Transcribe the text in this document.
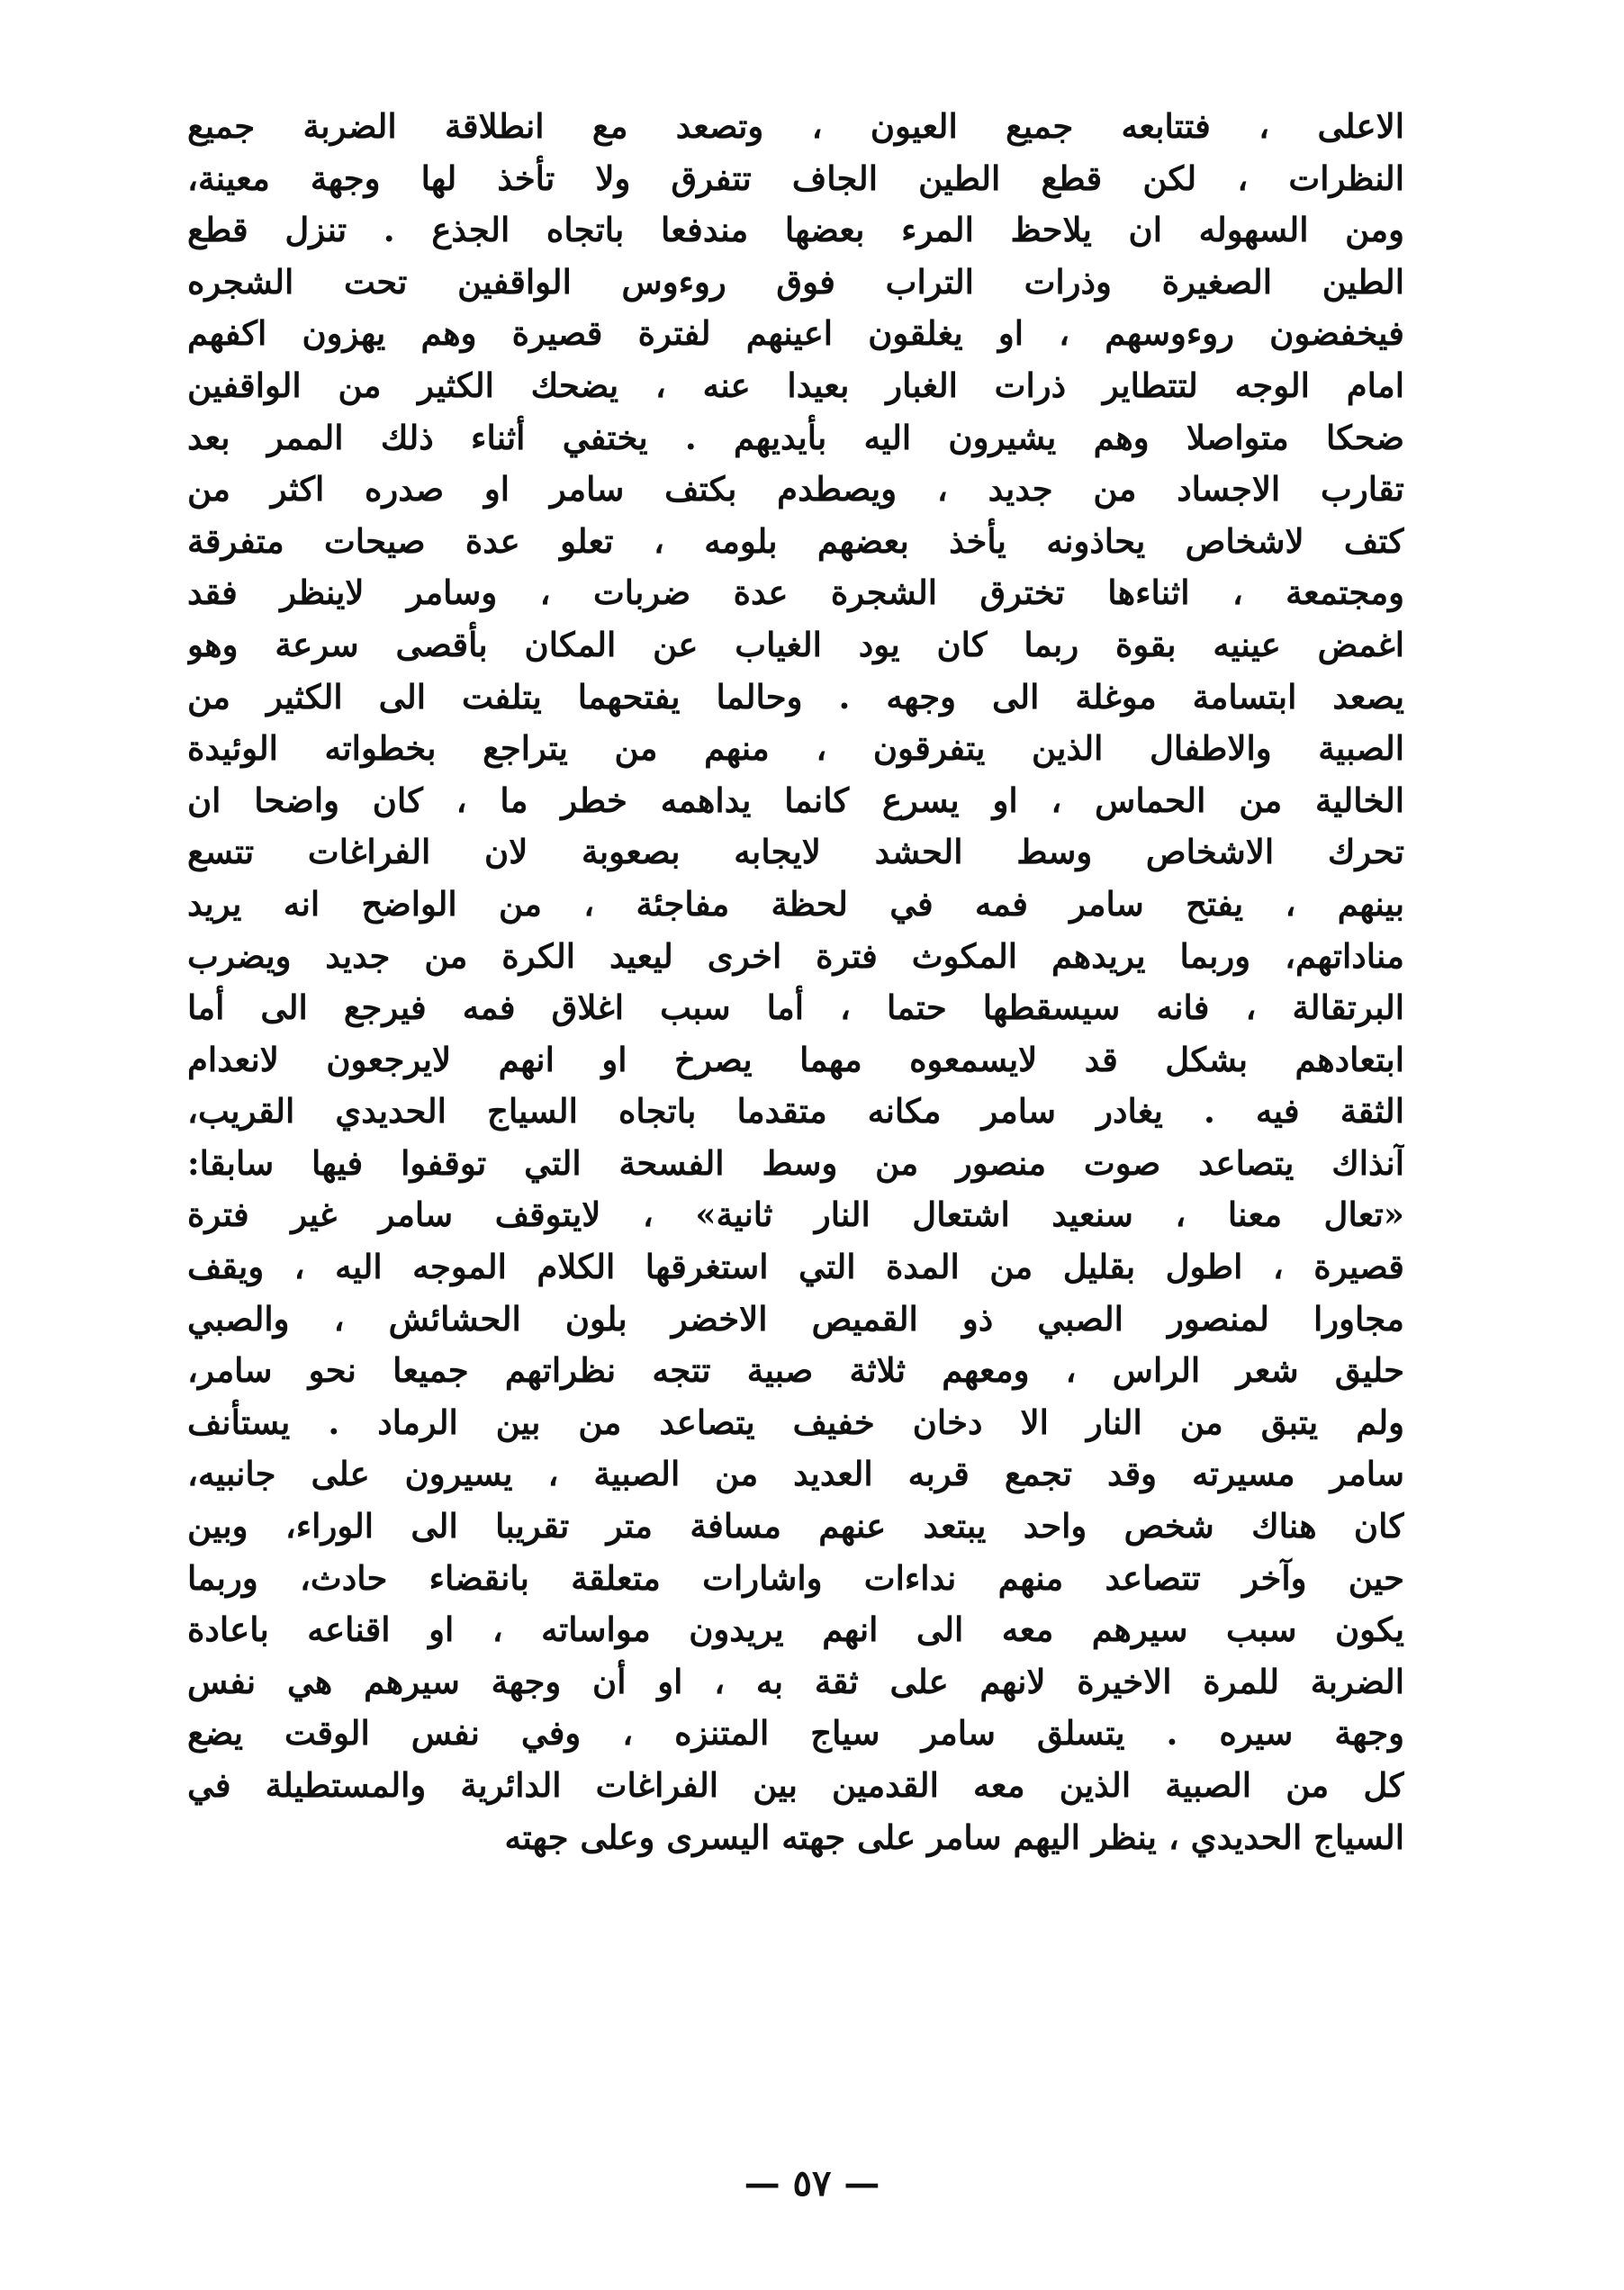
الاعلى ، فتتابعه جميع العيون ، وتصعد مع انطلاقة الضربة جميع
النظرات ، لكن قطع الطين الجاف تتفرق ولا تأخذ لها وجهة معينة،
ومن السهوله ان يلاحظ المرء بعضها مندفعا باتجاه الجذع . تنزل قطع
الطين الصغيرة وذرات التراب فوق روءوس الواقفين تحت الشجره
فيخفضون روءوسهم ، او يغلقون اعينهم لفترة قصيرة وهم يهزون اكفهم
امام الوجه لتتطاير ذرات الغبار بعيدا عنه ، يضحك الكثير من الواقفين
ضحكا متواصلا وهم يشيرون اليه بأيديهم . يختفي أثناء ذلك الممر بعد
تقارب الاجساد من جديد ، ويصطدم بكتف سامر او صدره اكثر من
كتف لاشخاص يحاذونه يأخذ بعضهم بلومه ، تعلو عدة صيحات متفرقة
ومجتمعة ، اثناءها تخترق الشجرة عدة ضربات ، وسامر لاينظر فقد
اغمض عينيه بقوة ربما كان يود الغياب عن المكان بأقصى سرعة وهو
يصعد ابتسامة موغلة الى وجهه . وحالما يفتحهما يتلفت الى الكثير من
الصبية والاطفال الذين يتفرقون ، منهم من يتراجع بخطواته الوئيدة
الخالية من الحماس ، او يسرع كانما يداهمه خطر ما ، كان واضحا ان
تحرك الاشخاص وسط الحشد لايجابه بصعوبة لان الفراغات تتسع
بينهم ، يفتح سامر فمه في لحظة مفاجئة ، من الواضح انه يريد
مناداتهم، وربما يريدهم المكوث فترة اخرى ليعيد الكرة من جديد ويضرب
البرتقالة ، فانه سيسقطها حتما ، أما سبب اغلاق فمه فيرجع الى أما
ابتعادهم بشكل قد لايسمعوه مهما يصرخ او انهم لايرجعون لانعدام
الثقة فيه . يغادر سامر مكانه متقدما باتجاه السياج الحديدي القريب،
آنذاك يتصاعد صوت منصور من وسط الفسحة التي توقفوا فيها سابقا:
«تعال معنا ، سنعيد اشتعال النار ثانية» ، لايتوقف سامر غير فترة
قصيرة ، اطول بقليل من المدة التي استغرقها الكلام الموجه اليه ، ويقف
مجاورا لمنصور الصبي ذو القميص الاخضر بلون الحشائش ، والصبي
حليق شعر الراس ، ومعهم ثلاثة صبية تتجه نظراتهم جميعا نحو سامر،
ولم يتبق من النار الا دخان خفيف يتصاعد من بين الرماد . يستأنف
سامر مسيرته وقد تجمع قربه العديد من الصبية ، يسيرون على جانبيه،
كان هناك شخص واحد يبتعد عنهم مسافة متر تقريبا الى الوراء، وبين
حين وآخر تتصاعد منهم نداءات واشارات متعلقة بانقضاء حادث، وربما
يكون سبب سيرهم معه الى انهم يريدون مواساته ، او اقناعه باعادة
الضربة للمرة الاخيرة لانهم على ثقة به ، او أن وجهة سيرهم هي نفس
وجهة سيره . يتسلق سامر سياج المتنزه ، وفي نفس الوقت يضع
كل من الصبية الذين معه القدمين بين الفراغات الدائرية والمستطيلة في
السياج الحديدي ، ينظر اليهم سامر على جهته اليسرى وعلى جهته
— ٥٧ —
